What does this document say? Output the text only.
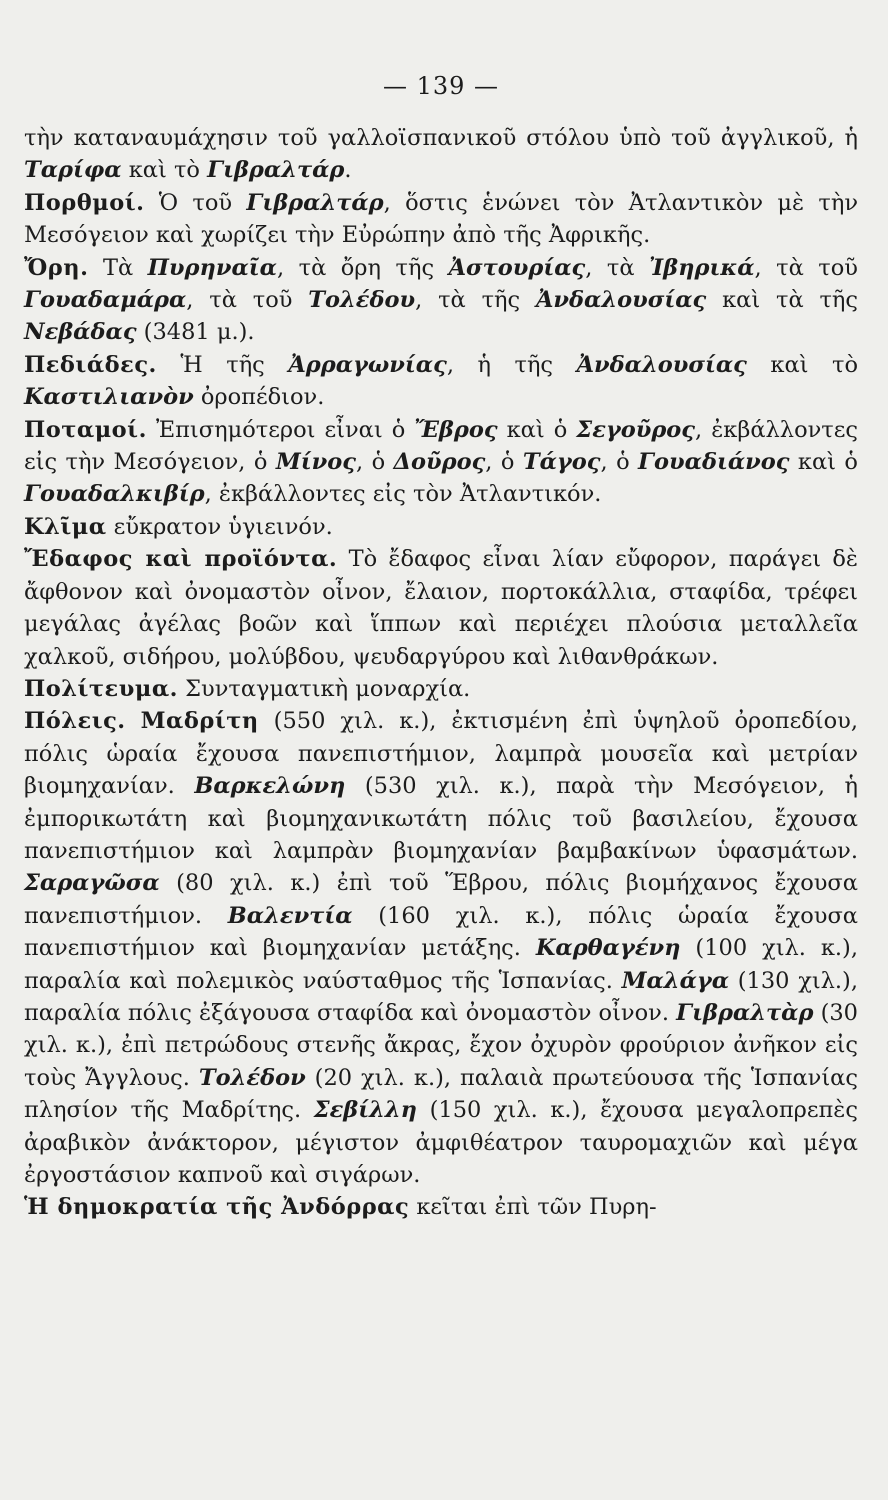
— 139 —

τὴν καταναυμάχησιν τοῦ γαλλοϊσπανικοῦ στόλου ὑπὸ τοῦ ἀγγλικοῦ, ἡ Ταρίφα καὶ τὸ Γιβραλτάρ.

Πορθμοί. Ὁ τοῦ Γιβραλτάρ, ὅστις ἑνώνει τὸν Ἀτλαντικὸν μὲ τὴν Μεσόγειον καὶ χωρίζει τὴν Εὐρώπην ἀπὸ τῆς Ἀφρικῆς.

Ὄρη. Τὰ Πυρηναῖα, τὰ ὄρη τῆς Ἀστουρίας, τὰ Ἰβηρικά, τὰ τοῦ Γουαδαμάρα, τὰ τοῦ Τολέδου, τὰ τῆς Ἀνδαλουσίας καὶ τὰ τῆς Νεβάδας (3481 μ.).

Πεδιάδες. Ἡ τῆς Ἀρραγωνίας, ἡ τῆς Ἀνδαλουσίας καὶ τὸ Καστιλιανὸν ὀροπέδιον.

Ποταμοί. Ἐπισημότεροι εἶναι ὁ Ἔβρος καὶ ὁ Σεγοῦρος, ἐκβάλλοντες εἰς τὴν Μεσόγειον, ὁ Μίνος, ὁ Δοῦρος, ὁ Τάγος, ὁ Γουαδιάνος καὶ ὁ Γουαδαλκιβίρ, ἐκβάλλοντες εἰς τὸν Ἀτλαντικόν.

Κλῖμα εὔκρατον ὑγιεινόν.

Ἔδαφος καὶ προϊόντα. Τὸ ἔδαφος εἶναι λίαν εὔφορον, παράγει δὲ ἄφθονον καὶ ὀνομαστὸν οἶνον, ἔλαιον, πορτοκάλλια, σταφίδα, τρέφει μεγάλας ἀγέλας βοῶν καὶ ἵππων καὶ περιέχει πλούσια μεταλλεῖα χαλκοῦ, σιδήρου, μολύβδου, ψευδαργύρου καὶ λιθανθράκων.

Πολίτευμα. Συνταγματικὴ μοναρχία.

Πόλεις. Μαδρίτη (550 χιλ. κ.), ἐκτισμένη ἐπὶ ὑψηλοῦ ὀροπεδίου, πόλις ὡραία ἔχουσα πανεπιστήμιον, λαμπρὰ μουσεῖα καὶ μετρίαν βιομηχανίαν. Βαρκελώνη (530 χιλ. κ.), παρὰ τὴν Μεσόγειον, ἡ ἐμπορικωτάτη καὶ βιομηχανικωτάτη πόλις τοῦ βασιλείου, ἔχουσα πανεπιστήμιον καὶ λαμπρὰν βιομηχανίαν βαμβακίνων ὑφασμάτων. Σαραγῶσα (80 χιλ. κ.) ἐπὶ τοῦ Ἕβρου, πόλις βιομήχανος ἔχουσα πανεπιστήμιον. Βαλεντία (160 χιλ. κ.), πόλις ὡραία ἔχουσα πανεπιστήμιον καὶ βιομηχανίαν μετάξης. Καρθαγένη (100 χιλ. κ.), παραλία καὶ πολεμικὸς ναύσταθμος τῆς Ἱσπανίας. Μαλάγα (130 χιλ.), παραλία πόλις ἐξάγουσα σταφίδα καὶ ὀνομαστὸν οἶνον. Γιβραλτὰρ (30 χιλ. κ.), ἐπὶ πετρώδους στενῆς ἄκρας, ἔχον ὀχυρὸν φρούριον ἀνῆκον εἰς τοὺς Ἄγγλους. Τολέδον (20 χιλ. κ.), παλαιὰ πρωτεύουσα τῆς Ἱσπανίας πλησίον τῆς Μαδρίτης. Σεβίλλη (150 χιλ. κ.), ἔχουσα μεγαλοπρεπὲς ἀραβικὸν ἀνάκτορον, μέγιστον ἀμφιθέατρον ταυρομαχιῶν καὶ μέγα ἐργοστάσιον καπνοῦ καὶ σιγάρων.

Ἡ δημοκρατία τῆς Ἀνδόρρας κεῖται ἐπὶ τῶν Πυρη-
